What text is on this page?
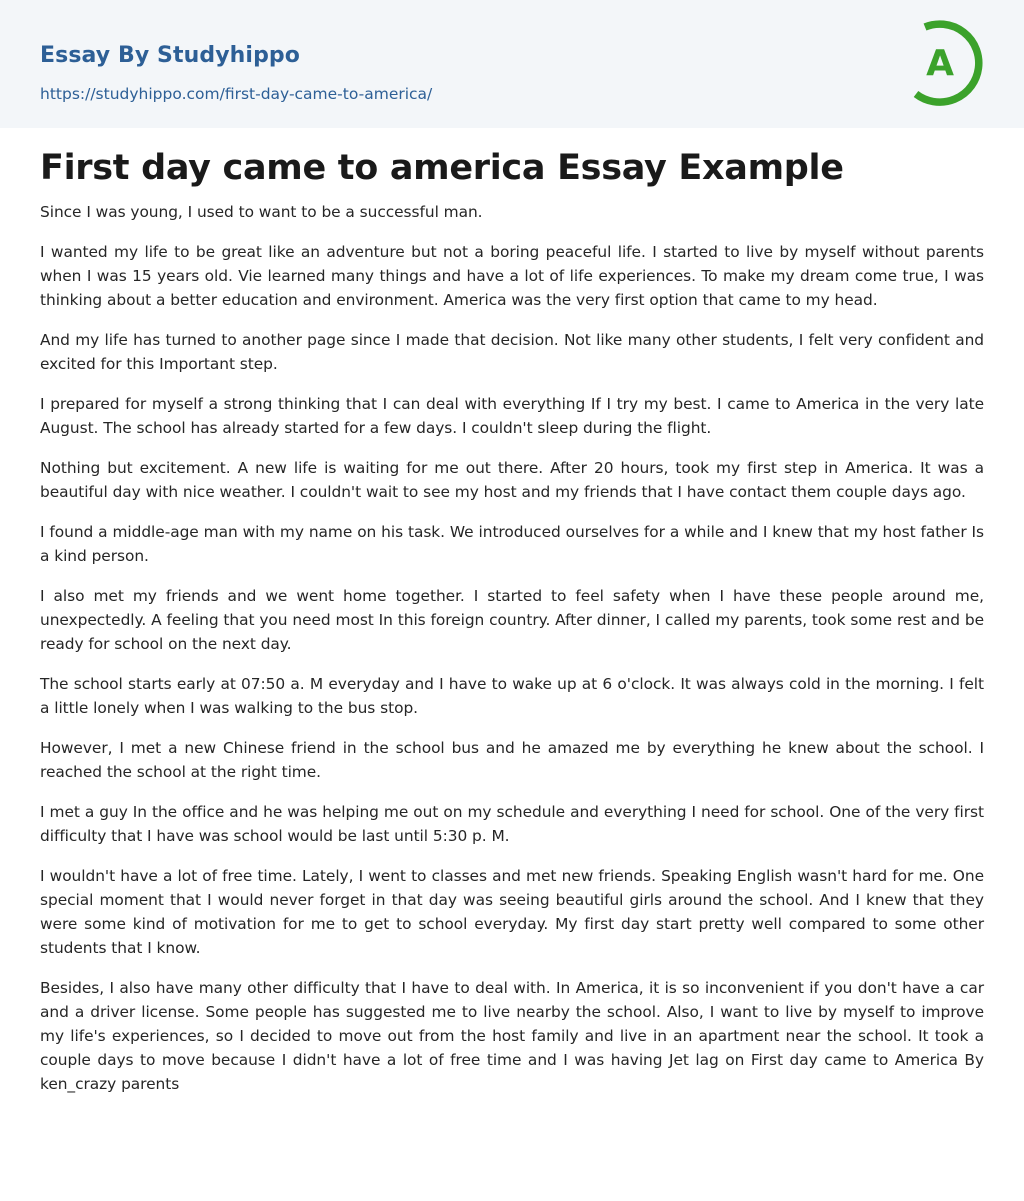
Essay By Studyhippo
https://studyhippo.com/first-day-came-to-america/
A
First day came to america Essay Example

Since I was young, I used to want to be a successful man.

I wanted my life to be great like an adventure but not a boring peaceful life. I started to live by myself without parents when I was 15 years old. Vie learned many things and have a lot of life experiences. To make my dream come true, I was thinking about a better education and environment. America was the very first option that came to my head.

And my life has turned to another page since I made that decision. Not like many other students, I felt very confident and excited for this Important step.

I prepared for myself a strong thinking that I can deal with everything If I try my best. I came to America in the very late August. The school has already started for a few days. I couldn't sleep during the flight.

Nothing but excitement. A new life is waiting for me out there. After 20 hours, took my first step in America. It was a beautiful day with nice weather. I couldn't wait to see my host and my friends that I have contact them couple days ago.

I found a middle-age man with my name on his task. We introduced ourselves for a while and I knew that my host father Is a kind person.

I also met my friends and we went home together. I started to feel safety when I have these people around me, unexpectedly. A feeling that you need most In this foreign country. After dinner, I called my parents, took some rest and be ready for school on the next day.

The school starts early at 07:50 a. M everyday and I have to wake up at 6 o'clock. It was always cold in the morning. I felt a little lonely when I was walking to the bus stop.

However, I met a new Chinese friend in the school bus and he amazed me by everything he knew about the school. I reached the school at the right time.

I met a guy In the office and he was helping me out on my schedule and everything I need for school. One of the very first difficulty that I have was school would be last until 5:30 p. M.

I wouldn't have a lot of free time. Lately, I went to classes and met new friends. Speaking English wasn't hard for me. One special moment that I would never forget in that day was seeing beautiful girls around the school. And I knew that they were some kind of motivation for me to get to school everyday. My first day start pretty well compared to some other students that I know.

Besides, I also have many other difficulty that I have to deal with. In America, it is so inconvenient if you don't have a car and a driver license. Some people has suggested me to live nearby the school. Also, I want to live by myself to improve my life's experiences, so I decided to move out from the host family and live in an apartment near the school. It took a couple days to move because I didn't have a lot of free time and I was having Jet lag on First day came to America By ken_crazy parents
